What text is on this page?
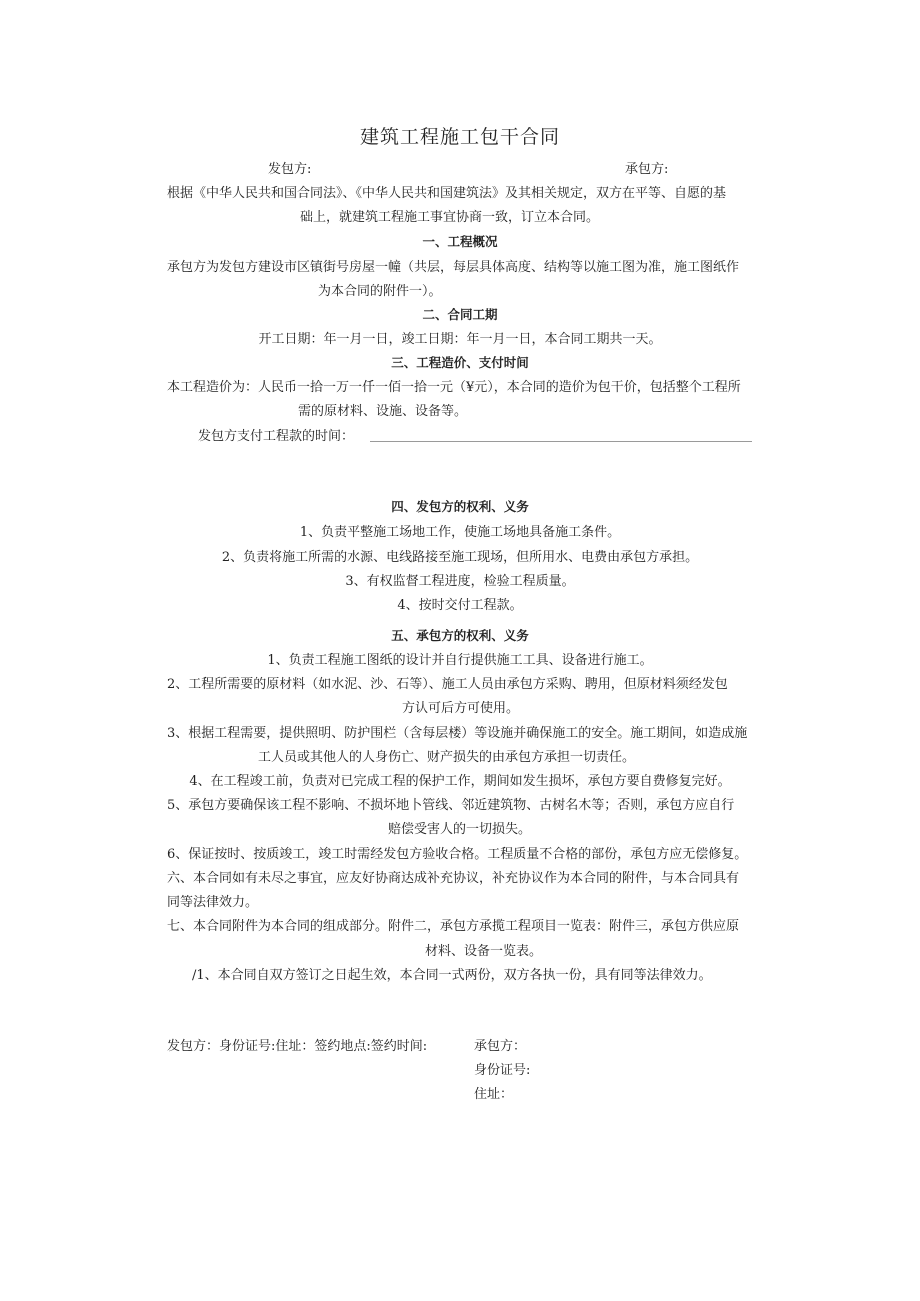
建筑工程施工包干合同
发包方:	承包方:
根据《中华人民共和国合同法》、《中华人民共和国建筑法》及其相关规定，双方在平等、自愿的基
础上，就建筑工程施工事宜协商一致，订立本合同。
一、工程概况
承包方为发包方建设市区镇街号房屋一幢（共层，每层具体高度、结构等以施工图为准，施工图纸作
为本合同的附件一）。
二、合同工期
开工日期：年一月一日，竣工日期：年一月一日，本合同工期共一天。
三、工程造价、支付时间
本工程造价为：人民币一拾一万一仟一佰一拾一元（¥元），本合同的造价为包干价，包括整个工程所
需的原材料、设施、设备等。
发包方支付工程款的时间：
四、发包方的权利、义务
1、负责平整施工场地工作，使施工场地具备施工条件。
2、负责将施工所需的水源、电线路接至施工现场，但所用水、电费由承包方承担。
3、有权监督工程进度，检验工程质量。
4、按时交付工程款。
五、承包方的权利、义务
1、负责工程施工图纸的设计并自行提供施工工具、设备进行施工。
2、工程所需要的原材料（如水泥、沙、石等）、施工人员由承包方采购、聘用，但原材料须经发包
方认可后方可使用。
3、根据工程需要，提供照明、防护围栏（含每层楼）等设施并确保施工的安全。施工期间，如造成施
工人员或其他人的人身伤亡、财产损失的由承包方承担一切责任。
4、在工程竣工前，负责对已完成工程的保护工作，期间如发生损坏，承包方要自费修复完好。
5、承包方要确保该工程不影响、不损坏地卜管线、邻近建筑物、古树名木等；否则，承包方应自行
赔偿受害人的一切损失。
6、保证按时、按质竣工，竣工时需经发包方验收合格。工程质量不合格的部份，承包方应无偿修复。
六、本合同如有未尽之事宜，应友好协商达成补充协议，补充协议作为本合同的附件，与本合同具有
同等法律效力。
七、本合同附件为本合同的组成部分。附件二，承包方承揽工程项目一览表：附件三，承包方供应原
材料、设备一览表。
/1、本合同自双方签订之日起生效，本合同一式两份，双方各执一份，具有同等法律效力。
发包方：身份证号:住址：签约地点:签约时间:	承包方：
身份证号:
住址：
